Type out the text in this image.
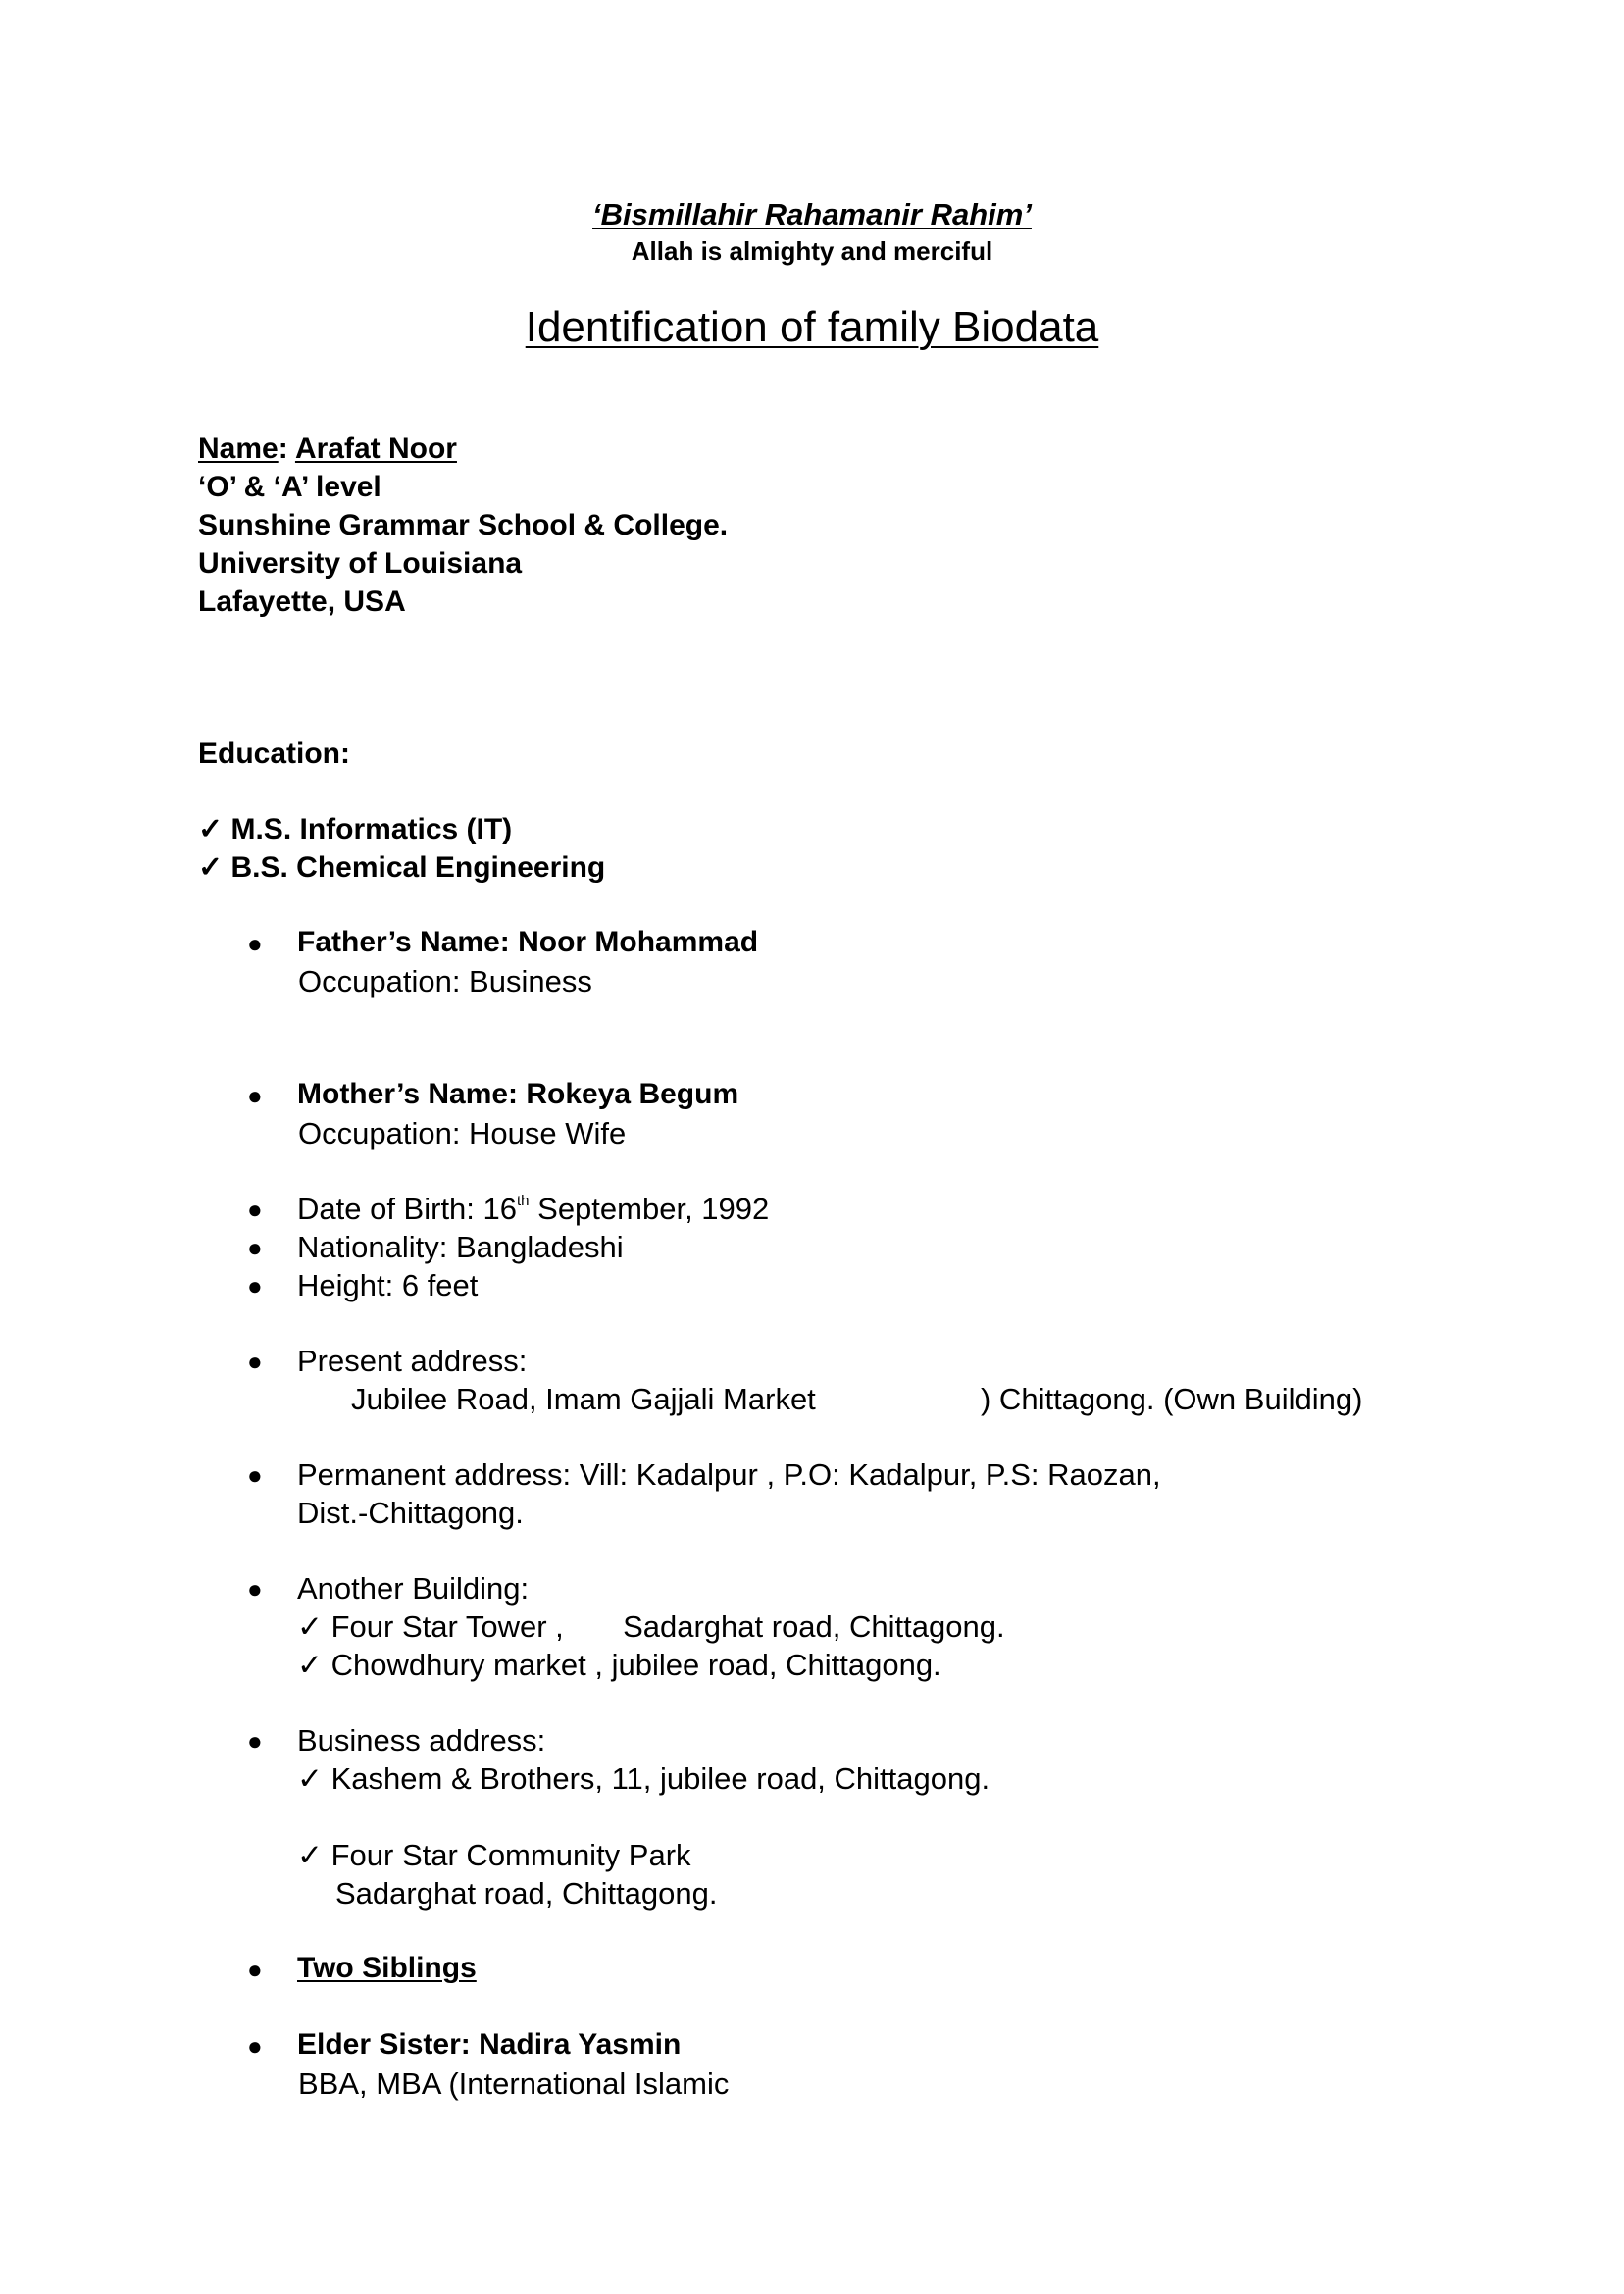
‘Bismillahir Rahamanir Rahim’
Allah is almighty and merciful
Identification of family Biodata
Name: Arafat Noor
‘O’ & ‘A’ level
Sunshine Grammar School & College.
University of Louisiana
Lafayette, USA
Education:
✓ M.S. Informatics (IT)
✓ B.S. Chemical Engineering
● Father’s Name: Noor Mohammad
Occupation: Business
● Mother’s Name: Rokeya Begum
Occupation: House Wife
● Date of Birth: 16th September, 1992
● Nationality: Bangladeshi
● Height: 6 feet
● Present address:
Jubilee Road, Imam Gajjali Market	) Chittagong. (Own Building)
● Permanent address: Vill: Kadalpur , P.O: Kadalpur, P.S: Raozan,
Dist.-Chittagong.
● Another Building:
✓ Four Star Tower ,       Sadarghat road, Chittagong.
✓ Chowdhury market , jubilee road, Chittagong.
● Business address:
✓ Kashem & Brothers, 11, jubilee road, Chittagong.
✓ Four Star Community Park
Sadarghat road, Chittagong.
● Two Siblings
● Elder Sister: Nadira Yasmin
BBA, MBA (International Islamic
